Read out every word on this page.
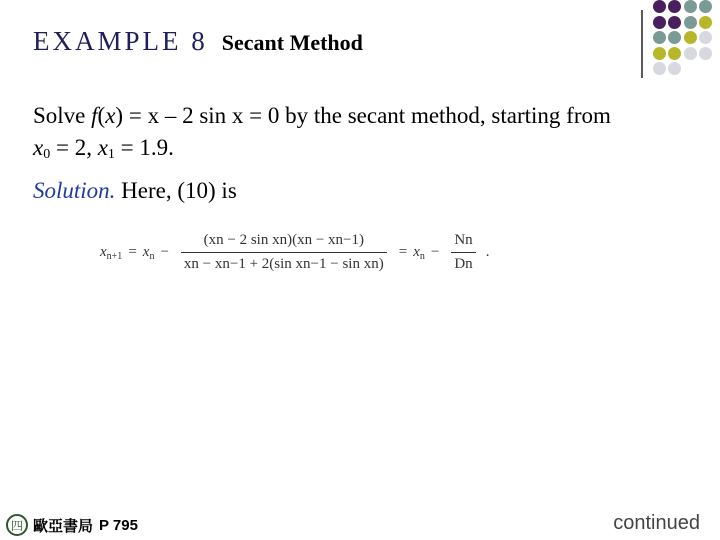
EXAMPLE 8 Secant Method
Solve f(x) = x – 2 sin x = 0 by the secant method, starting from
$x_0 = 2$, $x_1 = 1.9$.
Solution. Here, (10) is
$x_{n+1} = x_n - \frac{\text{(xn − 2 sin xn)(xn − xn−1)}}{\text{xn − xn−1 + 2(sin xn−1 − sin xn)}} = x_n - \frac{Nn}{Dn}$ .
四 歐亞書局 P 795	continued
